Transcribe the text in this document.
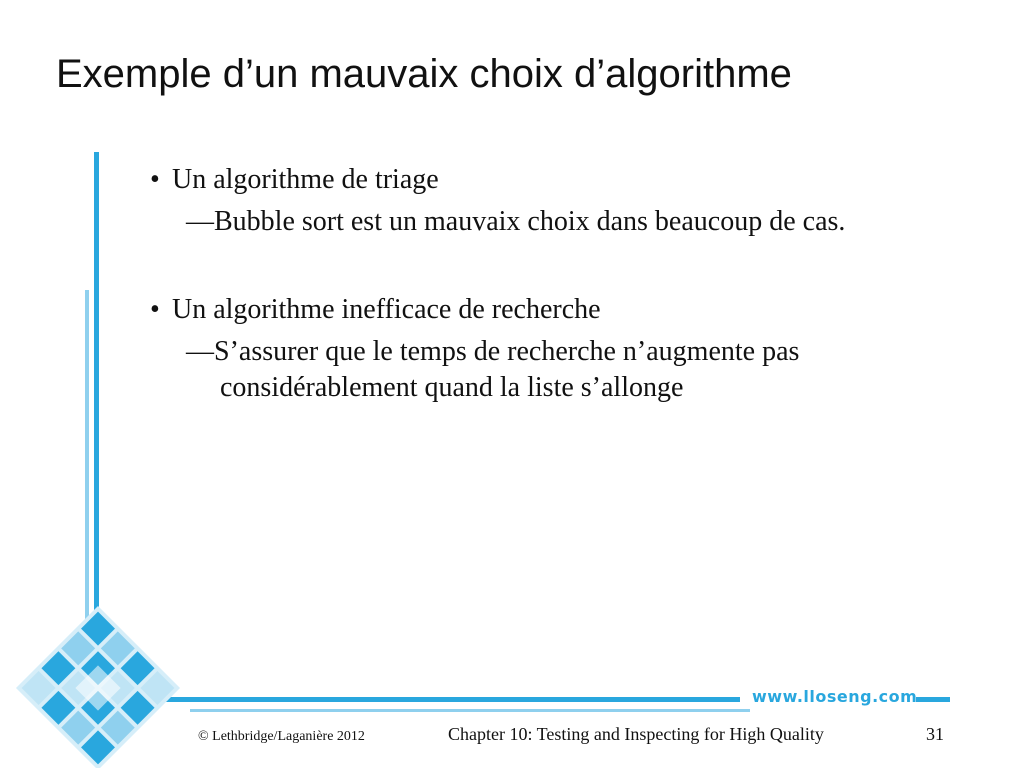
Exemple d’un mauvaix choix d’algorithme

• Un algorithme de triage

—Bubble sort est un mauvaix choix dans beaucoup de cas.

• Un algorithme inefficace de recherche

—S’assurer que le temps de recherche n’augmente pas considérablement quand la liste s’allonge

www.lloseng.com
© Lethbridge/Laganière 2012	Chapter 10: Testing and Inspecting for High Quality	31
